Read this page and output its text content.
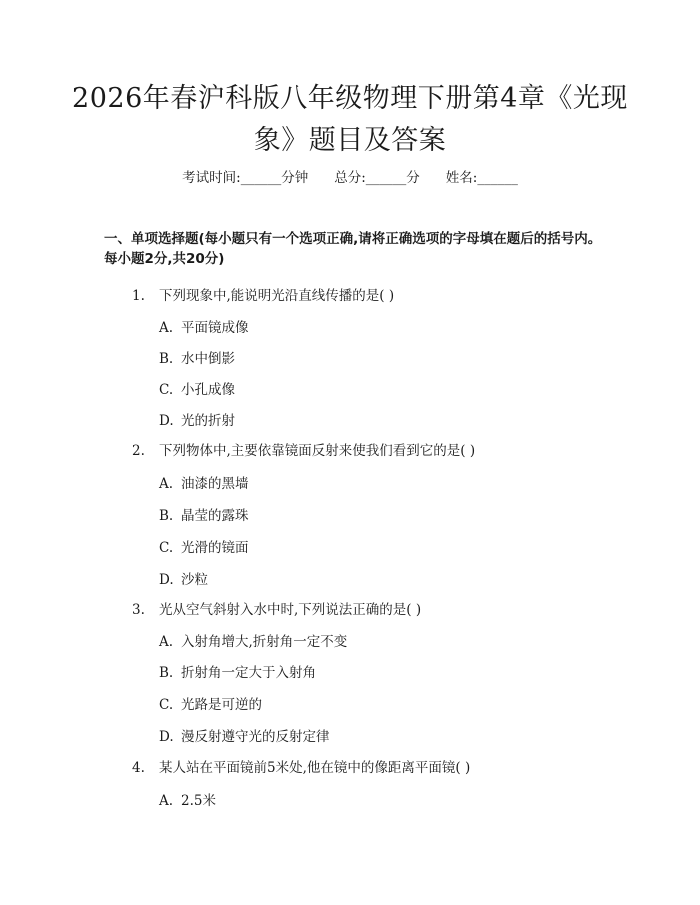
2026年春沪科版八年级物理下册第4章《光现象》题目及答案
考试时间:______分钟 总分:______分 姓名:______
一、单项选择题(每小题只有一个选项正确,请将正确选项的字母填在题后的括号内。每小题2分,共20分)
1. 下列现象中,能说明光沿直线传播的是( )
A. 平面镜成像
B. 水中倒影
C. 小孔成像
D. 光的折射
2. 下列物体中,主要依靠镜面反射来使我们看到它的是( )
A. 油漆的黑墙
B. 晶莹的露珠
C. 光滑的镜面
D. 沙粒
3. 光从空气斜射入水中时,下列说法正确的是( )
A. 入射角增大,折射角一定不变
B. 折射角一定大于入射角
C. 光路是可逆的
D. 漫反射遵守光的反射定律
4. 某人站在平面镜前5米处,他在镜中的像距离平面镜( )
A. 2.5米
